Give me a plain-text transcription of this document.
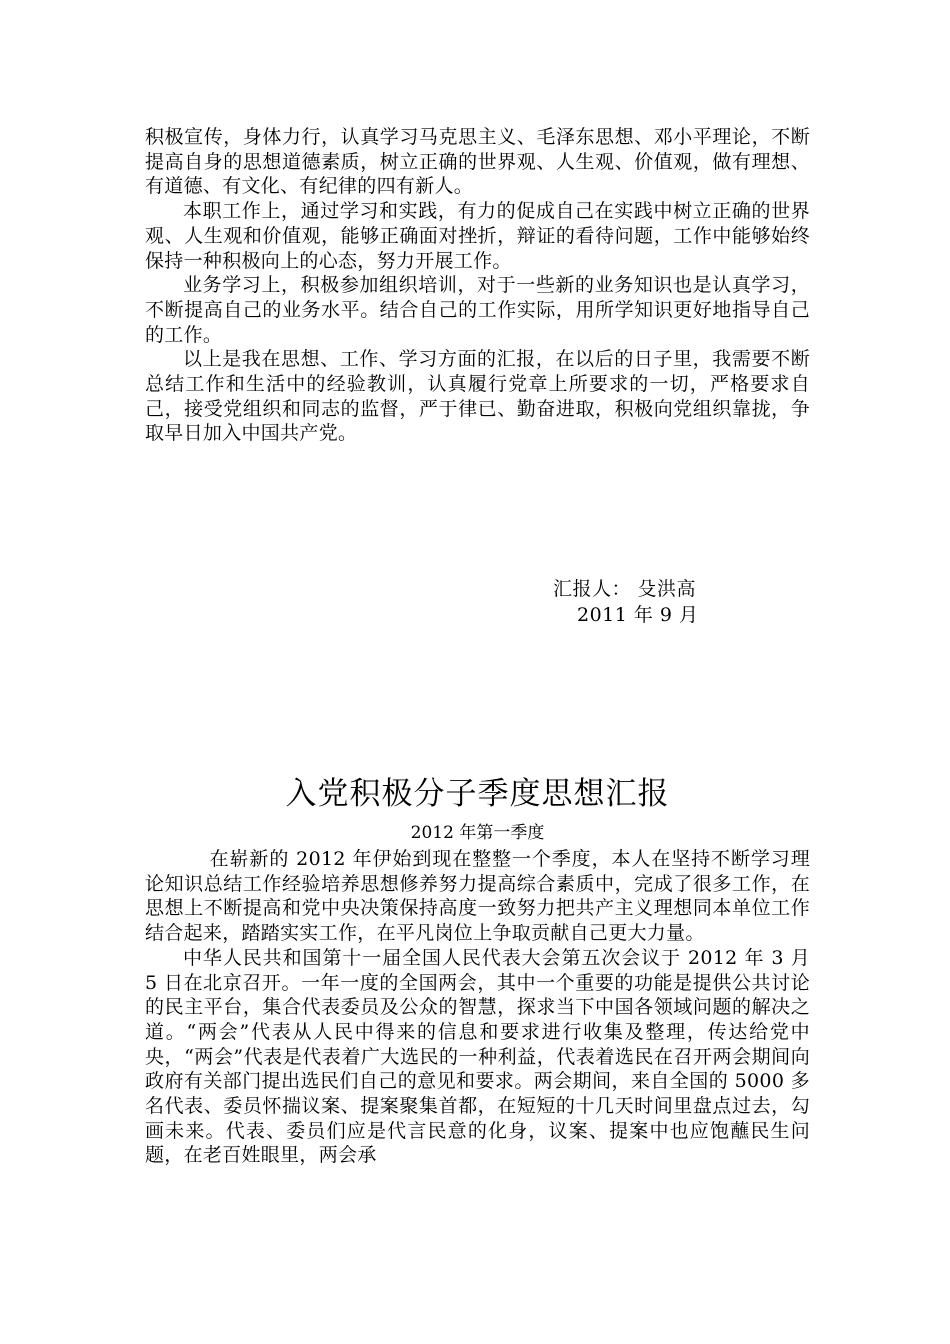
积极宣传，身体力行，认真学习马克思主义、毛泽东思想、邓小平理论，不断提高自身的思想道德素质，树立正确的世界观、人生观、价值观，做有理想、有道德、有文化、有纪律的四有新人。

本职工作上，通过学习和实践，有力的促成自己在实践中树立正确的世界观、人生观和价值观，能够正确面对挫折，辩证的看待问题，工作中能够始终保持一种积极向上的心态，努力开展工作。

业务学习上，积极参加组织培训，对于一些新的业务知识也是认真学习，不断提高自己的业务水平。结合自己的工作实际，用所学知识更好地指导自己的工作。

以上是我在思想、工作、学习方面的汇报，在以后的日子里，我需要不断总结工作和生活中的经验教训，认真履行党章上所要求的一切，严格要求自己，接受党组织和同志的监督，严于律已、勤奋进取，积极向党组织靠拢，争取早日加入中国共产党。

汇报人： 殳洪高
2011 年 9 月
入党积极分子季度思想汇报
2012 年第一季度

在崭新的 2012 年伊始到现在整整一个季度，本人在坚持不断学习理论知识总结工作经验培养思想修养努力提高综合素质中，完成了很多工作，在思想上不断提高和党中央决策保持高度一致努力把共产主义理想同本单位工作结合起来，踏踏实实工作，在平凡岗位上争取贡献自己更大力量。

中华人民共和国第十一届全国人民代表大会第五次会议于 2012 年 3 月 5 日在北京召开。一年一度的全国两会，其中一个重要的功能是提供公共讨论的民主平台，集合代表委员及公众的智慧，探求当下中国各领域问题的解决之道。“两会”代表从人民中得来的信息和要求进行收集及整理，传达给党中央，“两会”代表是代表着广大选民的一种利益，代表着选民在召开两会期间向政府有关部门提出选民们自己的意见和要求。两会期间，来自全国的 5000 多名代表、委员怀揣议案、提案聚集首都，在短短的十几天时间里盘点过去，勾画未来。代表、委员们应是代言民意的化身，议案、提案中也应饱蘸民生问题，在老百姓眼里，两会承
